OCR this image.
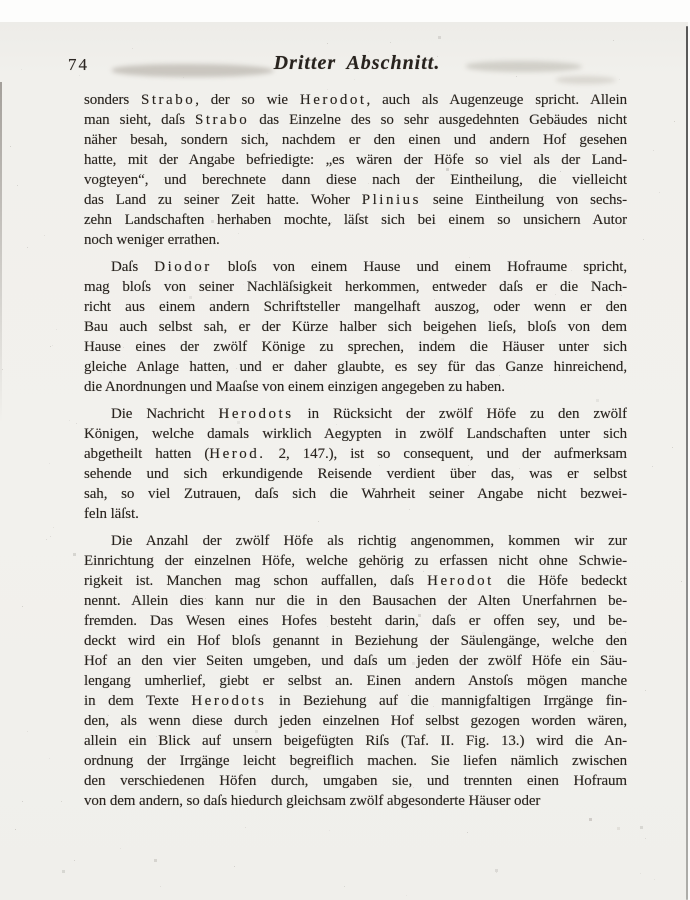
74	Dritter Abschnitt.
sonders Strabo, der so wie Herodot, auch als Augenzeuge spricht. Allein
man sieht, daſs Strabo das Einzelne des so sehr ausgedehnten Gebäudes nicht
näher besah, sondern sich, nachdem er den einen und andern Hof gesehen
hatte, mit der Angabe befriedigte: „es wären der Höfe so viel als der Land-
vogteyen“, und berechnete dann diese nach der Eintheilung, die vielleicht
das Land zu seiner Zeit hatte. Woher Plinius seine Eintheilung von sechs-
zehn Landschaften herhaben mochte, läſst sich bei einem so unsichern Autor
noch weniger errathen.
Daſs Diodor bloſs von einem Hause und einem Hofraume spricht,
mag bloſs von seiner Nachläſsigkeit herkommen, entweder daſs er die Nach-
richt aus einem andern Schriftsteller mangelhaft auszog, oder wenn er den
Bau auch selbst sah, er der Kürze halber sich beigehen lieſs, bloſs von dem
Hause eines der zwölf Könige zu sprechen, indem die Häuser unter sich
gleiche Anlage hatten, und er daher glaubte, es sey für das Ganze hinreichend,
die Anordnungen und Maaſse von einem einzigen angegeben zu haben.
Die Nachricht Herodots in Rücksicht der zwölf Höfe zu den zwölf
Königen, welche damals wirklich Aegypten in zwölf Landschaften unter sich
abgetheilt hatten (Herod. 2, 147.), ist so consequent, und der aufmerksam
sehende und sich erkundigende Reisende verdient über das, was er selbst
sah, so viel Zutrauen, daſs sich die Wahrheit seiner Angabe nicht bezwei-
feln läſst.
Die Anzahl der zwölf Höfe als richtig angenommen, kommen wir zur
Einrichtung der einzelnen Höfe, welche gehörig zu erfassen nicht ohne Schwie-
rigkeit ist. Manchen mag schon auffallen, daſs Herodot die Höfe bedeckt
nennt. Allein dies kann nur die in den Bausachen der Alten Unerfahrnen be-
fremden. Das Wesen eines Hofes besteht darin, daſs er offen sey, und be-
deckt wird ein Hof bloſs genannt in Beziehung der Säulengänge, welche den
Hof an den vier Seiten umgeben, und daſs um jeden der zwölf Höfe ein Säu-
lengang umherlief, giebt er selbst an. Einen andern Anstoſs mögen manche
in dem Texte Herodots in Beziehung auf die mannigfaltigen Irrgänge fin-
den, als wenn diese durch jeden einzelnen Hof selbst gezogen worden wären,
allein ein Blick auf unsern beigefügten Riſs (Taf. II. Fig. 13.) wird die An-
ordnung der Irrgänge leicht begreiflich machen. Sie liefen nämlich zwischen
den verschiedenen Höfen durch, umgaben sie, und trennten einen Hofraum
von dem andern, so daſs hiedurch gleichsam zwölf abgesonderte Häuser oder
